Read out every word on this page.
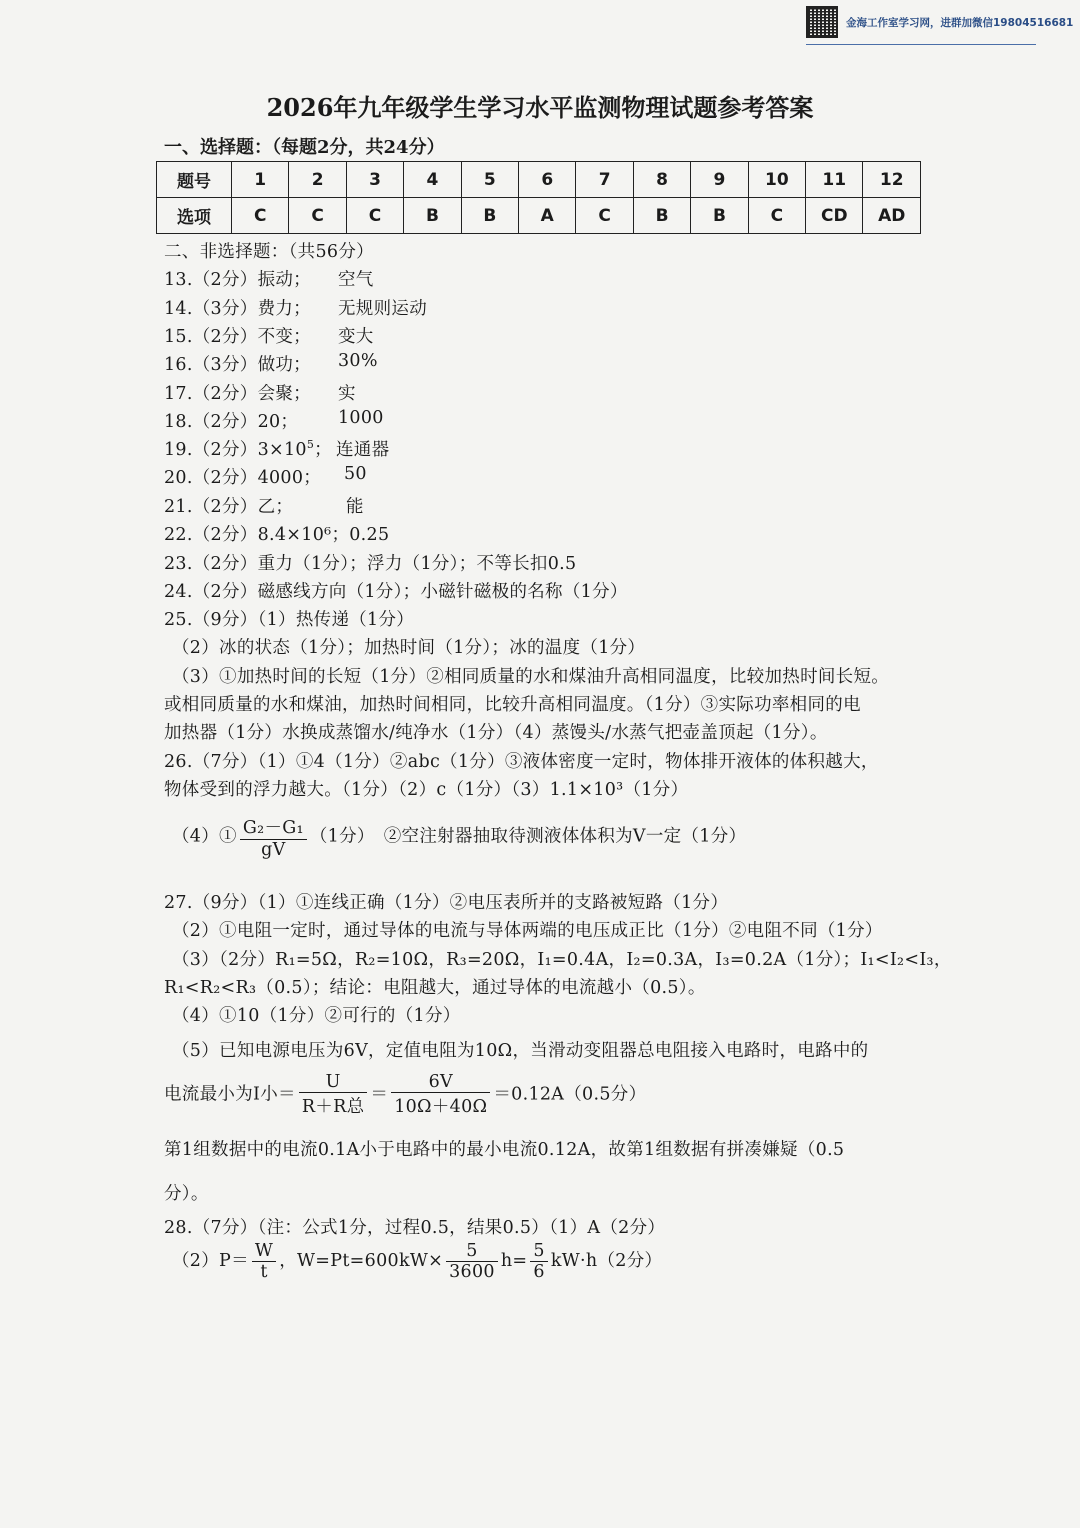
金海工作室学习网，进群加微信19804516681
2026年九年级学生学习水平监测物理试题参考答案
一、选择题：（每题2分，共24分）
题号	1	2	3	4	5	6	7	8	9	10	11	12
选项	C	C	C	B	B	A	C	B	B	C	CD	AD
二、非选择题：（共56分）
13.（2分）振动； 空气
14.（3分）费力； 无规则运动
15.（2分）不变； 变大
16.（3分）做功； 30%
17.（2分）会聚； 实
18.（2分）20； 1000
19.（2分）$3\times 10^5$； 连通器
20.（2分）4000； 50
21.（2分）乙；	能
22.（2分）8.4×10⁶；0.25
23.（2分）重力（1分）；浮力（1分）；不等长扣0.5
24.（2分）磁感线方向（1分）；小磁针磁极的名称（1分）
25.（9分）（1）热传递（1分）
（2）冰的状态（1分）；加热时间（1分）；冰的温度（1分）
（3）①加热时间的长短（1分）②相同质量的水和煤油升高相同温度，比较加热时间长短。
或相同质量的水和煤油，加热时间相同，比较升高相同温度。（1分）③实际功率相同的电
加热器（1分）水换成蒸馏水/纯净水（1分）（4）蒸馒头/水蒸气把壶盖顶起（1分）。
26.（7分）（1）①4（1分）②abc（1分）③液体密度一定时，物体排开液体的体积越大，
物体受到的浮力越大。（1分）（2）c（1分）（3）1.1×10³（1分）
（4）① $\frac{\text{G₂－G₁}}{gV} (1$分）　②空注射器抽取待测液体体积为V一定（1分）
27.（9分）（1）①连线正确（1分）②电压表所并的支路被短路（1分）
（2）①电阻一定时，通过导体的电流与导体两端的电压成正比（1分）②电阻不同（1分）
（3）（2分）R₁=5Ω，R₂=10Ω，R₃=20Ω，I₁=0.4A，I₂=0.3A，I₃=0.2A（1分）；I₁<I₂<I₃，
R₁<R₂<R₃（0.5）；结论：电阻越大，通过导体的电流越小（0.5）。
（4）①10（1分）②可行的（1分）
（5）已知电源电压为6V，定值电阻为10Ω，当滑动变阻器总电阻接入电路时，电路中的
电流最小为I小＝ $\frac{U}{\text{R＋R总}} = \frac{6V}{10\Omega+40\Omega} =0.12A(0.5$分）
第1组数据中的电流0.1A小于电路中的最小电流0.12A，故第1组数据有拼凑嫌疑（0.5
分）。
28.（7分）（注：公式1分，过程0.5，结果0.5）（1）A（2分）
$(2)P= \frac{W}{t}$ ，$W=Pt=600kW\times \frac{5}{3600} h= \frac{5}{6} kW\cdot h(2$分）
